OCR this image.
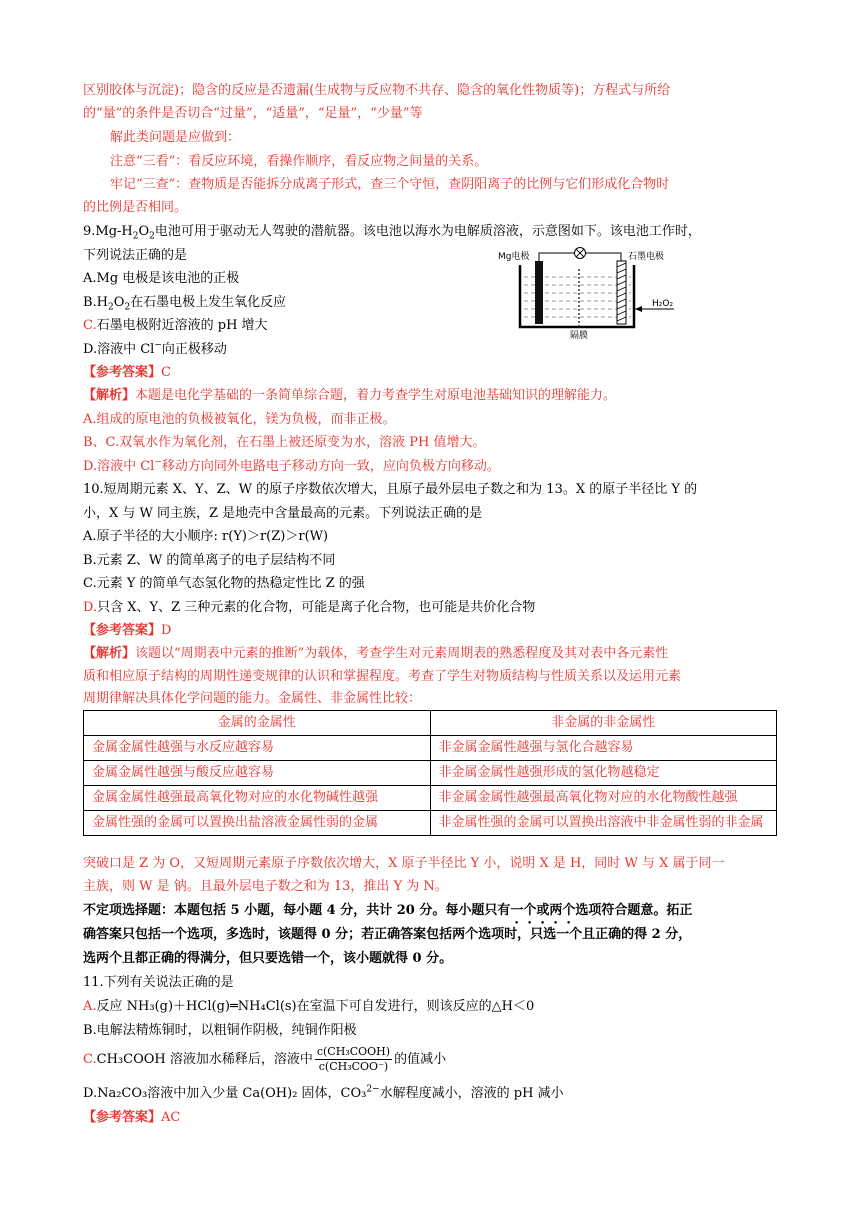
区别胶体与沉淀)；隐含的反应是否遗漏(生成物与反应物不共存、隐含的氧化性物质等)；方程式与所给
的“量”的条件是否切合“过量”，“适量”，“足量”，“少量”等
解此类问题是应做到：
注意“三看”：看反应环境，看操作顺序，看反应物之间量的关系。
牢记“三查”：查物质是否能拆分成离子形式，查三个守恒，查阴阳离子的比例与它们形成化合物时
的比例是否相同。
$9.Mg-H_2O_2$电池可用于驱动无人驾驶的潜航器。该电池以海水为电解质溶液，示意图如下。该电池工作时，
下列说法正确的是
A.Mg 电极是该电池的正极
$B.H_2O_2$在石墨电极上发生氧化反应
C.石墨电极附近溶液的 pH 增大
D.溶液中 Cl−向正极移动
【参考答案】C
【解析】本题是电化学基础的一条简单综合题，着力考查学生对原电池基础知识的理解能力。
A.组成的原电池的负极被氧化，镁为负极，而非正极。
B、C.双氧水作为氧化剂，在石墨上被还原变为水，溶液 PH 值增大。
D.溶液中 Cl−移动方向同外电路电子移动方向一致，应向负极方向移动。
Mg电极	石墨电极
H₂O₂
隔膜
10.短周期元素 X、Y、Z、W 的原子序数依次增大，且原子最外层电子数之和为 13。X 的原子半径比 Y 的
小，X 与 W 同主族，Z 是地壳中含量最高的元素。下列说法正确的是
A.原子半径的大小顺序: r(Y)＞r(Z)＞r(W)
B.元素 Z、W 的简单离子的电子层结构不同
C.元素 Y 的简单气态氢化物的热稳定性比 Z 的强
D.只含 X、Y、Z 三种元素的化合物，可能是离子化合物，也可能是共价化合物
【参考答案】D
【解析】该题以“周期表中元素的推断”为载体，考查学生对元素周期表的熟悉程度及其对表中各元素性
质和相应原子结构的周期性递变规律的认识和掌握程度。考查了学生对物质结构与性质关系以及运用元素
周期律解决具体化学问题的能力。金属性、非金属性比较：
金属的金属性	非金属的非金属性
金属金属性越强与水反应越容易	非金属金属性越强与氢化合越容易
金属金属性越强与酸反应越容易	非金属金属性越强形成的氢化物越稳定
金属金属性越强最高氧化物对应的水化物碱性越强	非金属金属性越强最高氧化物对应的水化物酸性越强
金属性强的金属可以置换出盐溶液金属性弱的金属	非金属性强的金属可以置换出溶液中非金属性弱的非金属
突破口是 Z 为 O，又短周期元素原子序数依次增大，X 原子半径比 Y 小，说明 X 是 H，同时 W 与 X 属于同一
主族，则 W 是 钠。且最外层电子数之和为 13，推出 Y 为 N。
不定项选择题：本题包括 5 小题，每小题 4 分，共计 20 分。每小题只有一个或两个选项符合题意。拓正
确答案只包括一个选项，多选时，该题得 0 分；若正确答案包括两个选项时，只选一个且正确的得 2 分，
选两个且都正确的得满分，但只要选错一个，该小题就得 0 分。
11.下列有关说法正确的是
A.反应 NH₃(g)＋HCl(g)═NH₄Cl(s)在室温下可自发进行，则该反应的△H＜0
B.电解法精炼铜时，以粗铜作阴极，纯铜作阳极
C.CH₃COOH 溶液加水稀释后，溶液中 $\frac{\text{c(CH₃COOH)}}{\text{c(CH₃COO⁻)}}$ 的值减小
D.Na₂CO₃溶液中加入少量 Ca(OH)₂ 固体，CO₃$^{2-}$水解程度减小，溶液的 pH 减小
【参考答案】AC
